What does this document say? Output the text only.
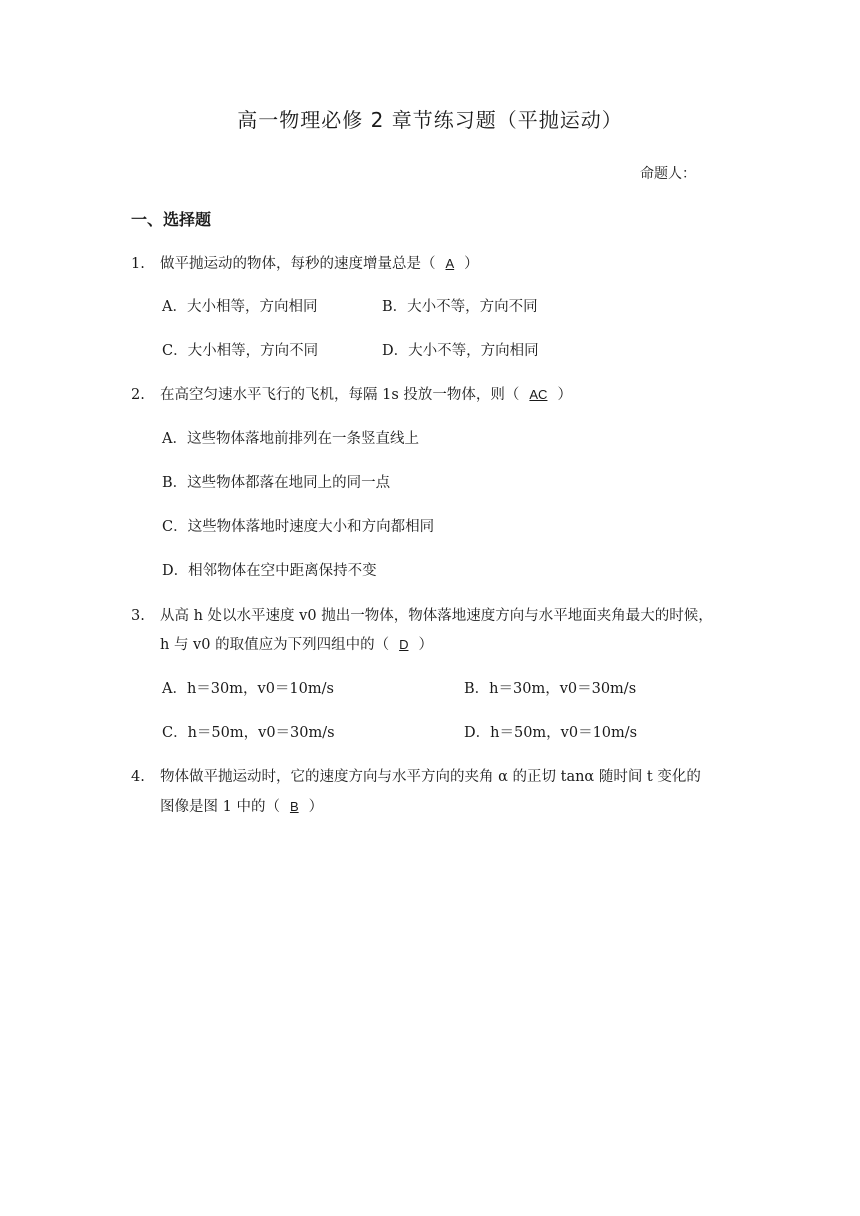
高一物理必修 2 章节练习题（平抛运动）
命题人：
一、选择题
1. 做平抛运动的物体，每秒的速度增量总是（ A ）
A．大小相等，方向相同	B．大小不等，方向不同
C．大小相等，方向不同	D．大小不等，方向相同
2. 在高空匀速水平飞行的飞机，每隔 1s 投放一物体，则（ AC ）
A．这些物体落地前排列在一条竖直线上
B．这些物体都落在地同上的同一点
C．这些物体落地时速度大小和方向都相同
D．相邻物体在空中距离保持不变
3. 从高 h 处以水平速度 v0 抛出一物体，物体落地速度方向与水平地面夹角最大的时候，
h 与 v0 的取值应为下列四组中的（ D ）
A．h＝30m，v0＝10m/s	B．h＝30m，v0＝30m/s
C．h＝50m，v0＝30m/s	D．h＝50m，v0＝10m/s
4. 物体做平抛运动时，它的速度方向与水平方向的夹角 α 的正切 tanα 随时间 t 变化的
图像是图 1 中的（ B ）
